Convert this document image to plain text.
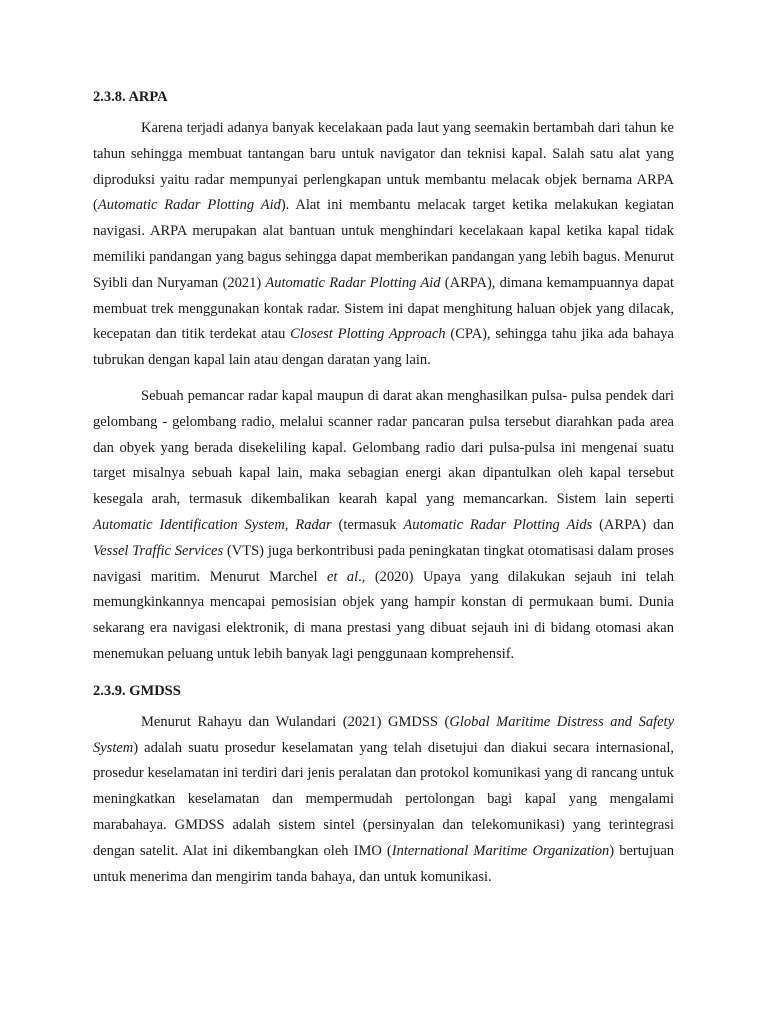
2.3.8. ARPA

Karena terjadi adanya banyak kecelakaan pada laut yang seemakin bertambah dari tahun ke tahun sehingga membuat tantangan baru untuk navigator dan teknisi kapal. Salah satu alat yang diproduksi yaitu radar mempunyai perlengkapan untuk membantu melacak objek bernama ARPA (Automatic Radar Plotting Aid). Alat ini membantu melacak target ketika melakukan kegiatan navigasi. ARPA merupakan alat bantuan untuk menghindari kecelakaan kapal ketika kapal tidak memiliki pandangan yang bagus sehingga dapat memberikan pandangan yang lebih bagus. Menurut Syibli dan Nuryaman (2021) Automatic Radar Plotting Aid (ARPA), dimana kemampuannya dapat membuat trek menggunakan kontak radar. Sistem ini dapat menghitung haluan objek yang dilacak, kecepatan dan titik terdekat atau Closest Plotting Approach (CPA), sehingga tahu jika ada bahaya tubrukan dengan kapal lain atau dengan daratan yang lain.

Sebuah pemancar radar kapal maupun di darat akan menghasilkan pulsa- pulsa pendek dari gelombang - gelombang radio, melalui scanner radar pancaran pulsa tersebut diarahkan pada area dan obyek yang berada disekeliling kapal. Gelombang radio dari pulsa-pulsa ini mengenai suatu target misalnya sebuah kapal lain, maka sebagian energi akan dipantulkan oleh kapal tersebut kesegala arah, termasuk dikembalikan kearah kapal yang memancarkan. Sistem lain seperti Automatic Identification System, Radar (termasuk Automatic Radar Plotting Aids (ARPA) dan Vessel Traffic Services (VTS) juga berkontribusi pada peningkatan tingkat otomatisasi dalam proses navigasi maritim. Menurut Marchel et al., (2020) Upaya yang dilakukan sejauh ini telah memungkinkannya mencapai pemosisian objek yang hampir konstan di permukaan bumi. Dunia sekarang era navigasi elektronik, di mana prestasi yang dibuat sejauh ini di bidang otomasi akan menemukan peluang untuk lebih banyak lagi penggunaan komprehensif.

2.3.9. GMDSS

Menurut Rahayu dan Wulandari (2021) GMDSS (Global Maritime Distress and Safety System) adalah suatu prosedur keselamatan yang telah disetujui dan diakui secara internasional, prosedur keselamatan ini terdiri dari jenis peralatan dan protokol komunikasi yang di rancang untuk meningkatkan keselamatan dan mempermudah pertolongan bagi kapal yang mengalami marabahaya. GMDSS adalah sistem sintel (persinyalan dan telekomunikasi) yang terintegrasi dengan satelit. Alat ini dikembangkan oleh IMO (International Maritime Organization) bertujuan untuk menerima dan mengirim tanda bahaya, dan untuk komunikasi.
